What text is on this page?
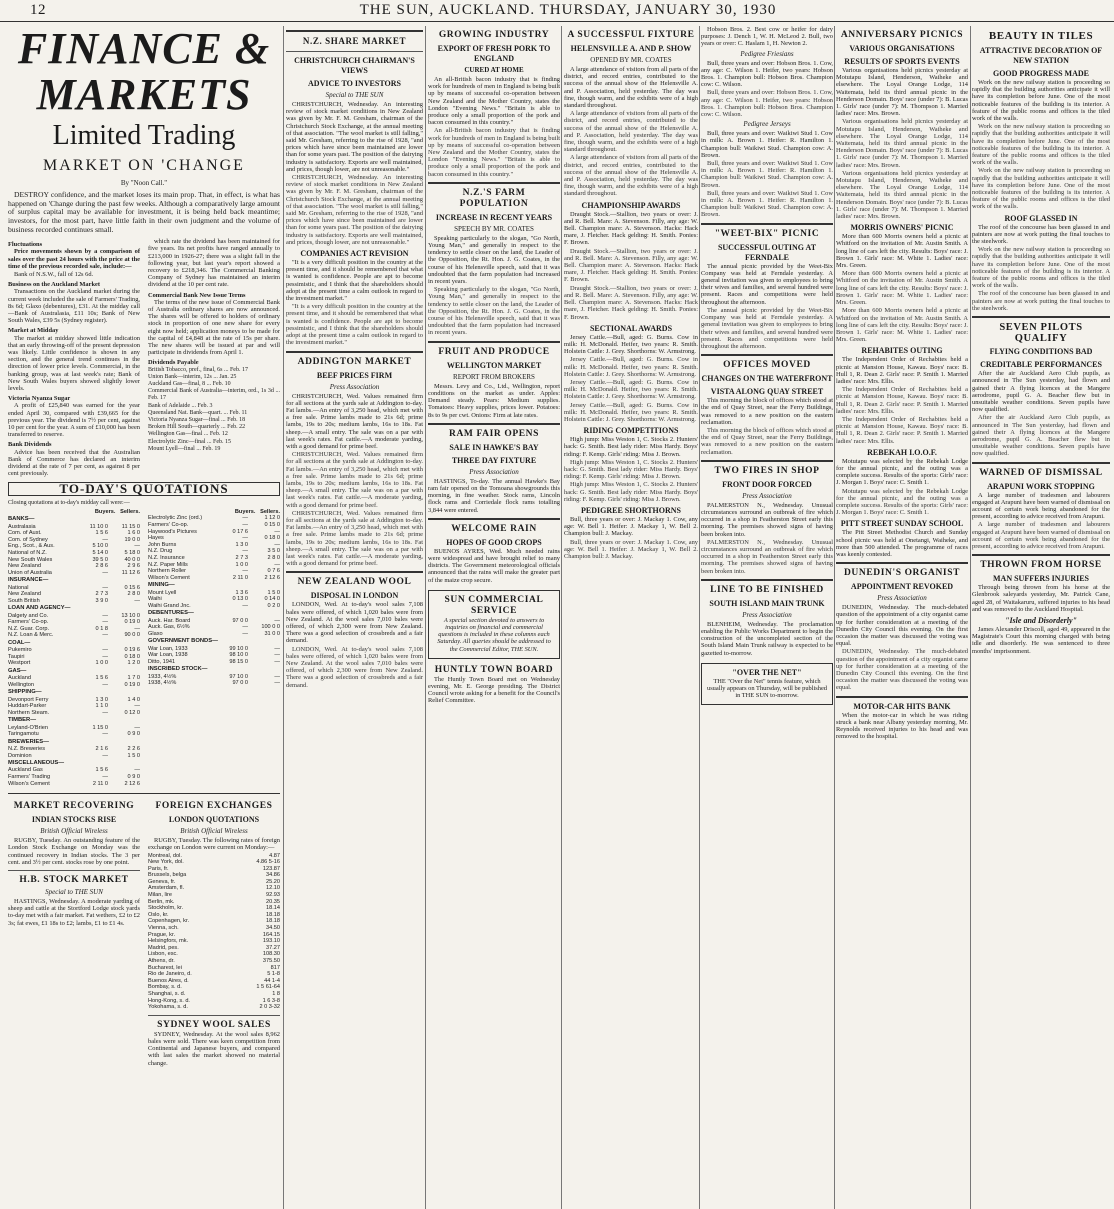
12	THE SUN, AUCKLAND. THURSDAY, JANUARY 30, 1930
FINANCE & MARKETS
Limited Trading
MARKET ON 'CHANGE
By "Noon Call."

DESTROY confidence, and the market loses its main prop. That, in effect, is what has happened on 'Change during the past few weeks. Although a comparatively large amount of surplus capital may be available for investment, it is being held back meantime; investors, for the most part, have little faith in their own judgment and the volume of business recorded continues small.

Fluctuations

Price movements shown by a comparison of sales over the past 24 hours with the price at the time of the previous recorded sale, include:—

Bank of N.S.W., fall of 12s 6d.

Business on the Auckland Market

Transactions on the Auckland market during the current week included the sale of Farmers' Trading, 8s 6d; Glaxo (debentures), £31. At the midday call—Bank of Australasia, £11 10s; Bank of New South Wales, £39 5s (Sydney register).

Market at Midday

The market at midday showed little indication that an early throwing-off of the present depression was likely. Little confidence is shown in any section, and the general trend continues in the direction of lower price levels. Commercial, in the banking group, was at last week's rate; Bank of New South Wales buyers showed slightly lower levels.

Victoria Nyanza Sugar

A profit of £25,840 was earned for the year ended April 30, compared with £39,665 for the previous year. The dividend is 7½ per cent, against 10 per cent for the year. A sum of £10,000 has been transferred to reserve.

Bank Dividends

Advice has been received that the Australian Bank of Commerce has declared an interim dividend at the rate of 7 per cent, as against 8 per cent previously.

which rate the dividend has been maintained for five years. Its net profits have ranged annually to £213,000 in 1926-27; there was a slight fall in the following year, but last year's report showed a recovery to £218,346. The Commercial Banking Company of Sydney has maintained an interim dividend at the 10 per cent rate.

Commercial Bank New Issue Terms

The terms of the new issue of Commercial Bank of Australia ordinary shares are now announced. The shares will be offered to holders of ordinary stock in proportion of one new share for every eight now held; application moneys to be made for the capital of £4,848 at the rate of 15s per share. The new shares will be issued at par and will participate in dividends from April 1.

Dividends Payable
British Tobacco, pref., final, 6s ... Feb. 17
Union Bank—interim, 12s ... Jan. 25
Auckland Gas—final, 8 ... Feb. 10
Commercial Bank of Australia—interim, ord., 1s 3d ... Feb. 17
Bank of Adelaide ... Feb. 3
Queensland Nat. Bank—quart. ... Feb. 11
Victoria Nyanza Sugar—final ... Feb. 18
Broken Hill South—quarterly ... Feb. 22
Wellington Gas—final ... Feb. 12
Electrolytic Zinc—final ... Feb. 15
Mount Lyell—final ... Feb. 19
TO-DAY'S QUOTATIONS
Closing quotations at to-day's midday call were:—
Buyers. Sellers.
BANKS—
Australasia	11 10 0 11 15 0
Com. of Aust.	1 5 6	1 6 0
Com. of Sydney	—	19 0 0
Eng., Scot., & Aus.	5 10 0	—
National of N.Z.	5 14 0	5 18 0
New South Wales	39 5 0	40 0 0
New Zealand	2 8 6	2 9 6
Union of Australia	— 11 12 6
INSURANCE—
National	—	0 15 6
New Zealand	2 7 3	2 8 0
South British	3 9 0	—
LOAN AND AGENCY—
Dalgety and Co.	— 13 10 0
Farmers' Co-op.	—	0 19 0
N.Z. Guar. Corp.	0 1 8	—
N.Z. Loan & Merc.	—	90 0 0
COAL—
Pukemiro	—	0 19 6
Taupiri	—	0 18 0
Westport	1 0 0	1 2 0
GAS—
Auckland	1 5 6	1 7 0
Wellington	—	0 19 0
SHIPPING—
Devonport Ferry	1 3 0	1 4 0
Huddart-Parker	1 1 0	—
Northern Steam.	—	0 12 0
TIMBER—
Leyland-O'Brien	1 15 0	—
Taringamotu	—	0 9 0
BREWERIES—
N.Z. Breweries	2 1 6	2 2 6
Dominion	—	1 5 0
MISCELLANEOUS—
Auckland Gas	1 5 6	—
Farmers' Trading	—	0 9 0
Wilson's Cement	2 11 0	2 12 6
Buyers. Sellers.
Electrolytic Zinc (ord.)	—	1 12 0
Farmers' Co-op.	—	0 15 0
Haywood's Pictures	0 17 6	—
Hayes	—	0 18 0
John Burns	1 3 0	—
N.Z. Drug	—	3 5 0
N.Z. Insurance	2 7 3	2 8 0
N.Z. Paper Mills	1 0 0	—
Northern Roller	—	0 7 6
Wilson's Cement	2 11 0	2 12 6
MINING—
Mount Lyell	1 3 6	1 5 0
Waihi	0 13 0	0 14 0
Waihi Grand Jnc.	—	0 2 0
DEBENTURES—
Auck. Har. Board	97 0 0	—
Auck. Gas, 6½%	— 100 0 0
Glaxo	—	31 0 0
GOVERNMENT BONDS—
War Loan, 1933	99 10 0	—
War Loan, 1938	98 10 0	—
Ditto, 1941	98 15 0	—
INSCRIBED STOCK—
1933, 4½%	97 10 0	—
1938, 4½%	97 0 0	—
MARKET RECOVERING
INDIAN STOCKS RISE
British Official Wireless

RUGBY, Tuesday. An outstanding feature of the London Stock Exchange on Monday was the continued recovery in Indian stocks. The 3 per cent. and 3½ per cent. stocks rose by one point.

H.B. STOCK MARKET
Special to THE SUN

HASTINGS, Wednesday. A moderate yarding of sheep and cattle at the Stortford Lodge stock yards to-day met with a fair market. Fat wethers, £2 to £2 3s; fat ewes, £1 18s to £2; lambs, £1 to £1 4s.

FOREIGN EXCHANGES
LONDON QUOTATIONS
British Official Wireless

RUGBY, Tuesday. The following rates of foreign exchange on London were current on Monday:—

Montreal, dol.	4.87
New York, dol.	4.86 5-16
Paris, fr.	123.87
Brussels, belga	34.86
Geneva, fr.	25.20
Amsterdam, fl.	12.10
Milan, lire	92.93
Berlin, mk.	20.35
Stockholm, kr.	18.14
Oslo, kr.	18.18
Copenhagen, kr.	18.18
Vienna, sch.	34.50
Prague, kr.	164.15
Helsingfors, mk.	193.10
Madrid, pes.	37.27
Lisbon, esc.	108.30
Athens, dr.	375.50
Bucharest, lei	817
Rio de Janeiro, d.	5 1-8
Buenos Aires, d.	44 1-4
Bombay, s. d.	1 5 61-64
Shanghai, s. d.	1 8
Hong-Kong, s. d.	1 6 3-8
Yokohama, s. d.	2 0 3-32
SYDNEY WOOL SALES

SYDNEY, Wednesday. At the wool sales 8,962 bales were sold. There was keen competition from Continental and Japanese buyers, and compared with last sales the market showed no material change.

N.Z. SHARE MARKET
CHRISTCHURCH CHAIRMAN'S VIEWS
ADVICE TO INVESTORS
Special to THE SUN

CHRISTCHURCH, Wednesday. An interesting review of stock market conditions in New Zealand was given by Mr. F. M. Gresham, chairman of the Christchurch Stock Exchange, at the annual meeting of that association. "The wool market is still falling," said Mr. Gresham, referring to the rise of 1928, "and prices which have since been maintained are lower than for some years past. The position of the dairying industry is satisfactory. Exports are well maintained, and prices, though lower, are not unreasonable."

CHRISTCHURCH, Wednesday. An interesting review of stock market conditions in New Zealand was given by Mr. F. M. Gresham, chairman of the Christchurch Stock Exchange, at the annual meeting of that association. "The wool market is still falling," said Mr. Gresham, referring to the rise of 1928, "and prices which have since been maintained are lower than for some years past. The position of the dairying industry is satisfactory. Exports are well maintained, and prices, though lower, are not unreasonable."

COMPANIES ACT REVISION

"It is a very difficult position in the country at the present time, and it should be remembered that what is wanted is confidence. People are apt to become pessimistic, and I think that the shareholders should adopt at the present time a calm outlook in regard to the investment market."

"It is a very difficult position in the country at the present time, and it should be remembered that what is wanted is confidence. People are apt to become pessimistic, and I think that the shareholders should adopt at the present time a calm outlook in regard to the investment market."

ADDINGTON MARKET
BEEF PRICES FIRM
Press Association

CHRISTCHURCH, Wed. Values remained firm for all sections at the yards sale at Addington to-day. Fat lambs.—An entry of 3,250 head, which met with a free sale. Prime lambs made to 21s 6d; prime lambs, 19s to 20s; medium lambs, 16s to 18s. Fat sheep.—A small entry. The sale was on a par with last week's rates. Fat cattle.—A moderate yarding, with a good demand for prime beef.

CHRISTCHURCH, Wed. Values remained firm for all sections at the yards sale at Addington to-day. Fat lambs.—An entry of 3,250 head, which met with a free sale. Prime lambs made to 21s 6d; prime lambs, 19s to 20s; medium lambs, 16s to 18s. Fat sheep.—A small entry. The sale was on a par with last week's rates. Fat cattle.—A moderate yarding, with a good demand for prime beef.

CHRISTCHURCH, Wed. Values remained firm for all sections at the yards sale at Addington to-day. Fat lambs.—An entry of 3,250 head, which met with a free sale. Prime lambs made to 21s 6d; prime lambs, 19s to 20s; medium lambs, 16s to 18s. Fat sheep.—A small entry. The sale was on a par with last week's rates. Fat cattle.—A moderate yarding, with a good demand for prime beef.

NEW ZEALAND WOOL
DISPOSAL IN LONDON

LONDON, Wed. At to-day's wool sales 7,108 bales were offered, of which 1,020 bales were from New Zealand. At the wool sales 7,010 bales were offered, of which 2,300 were from New Zealand. There was a good selection of crossbreds and a fair demand.

LONDON, Wed. At to-day's wool sales 7,108 bales were offered, of which 1,020 bales were from New Zealand. At the wool sales 7,010 bales were offered, of which 2,300 were from New Zealand. There was a good selection of crossbreds and a fair demand.

GROWING INDUSTRY
EXPORT OF FRESH PORK TO ENGLAND
CURED AT HOME

An all-British bacon industry that is finding work for hundreds of men in England is being built up by means of successful co-operation between New Zealand and the Mother Country, states the London "Evening News." "Britain is able to produce only a small proportion of the pork and bacon consumed in this country."

An all-British bacon industry that is finding work for hundreds of men in England is being built up by means of successful co-operation between New Zealand and the Mother Country, states the London "Evening News." "Britain is able to produce only a small proportion of the pork and bacon consumed in this country."

N.Z.'S FARM POPULATION
INCREASE IN RECENT YEARS
SPEECH BY MR. COATES

Speaking particularly to the slogan, "Go North, Young Man," and generally in respect to the tendency to settle closer on the land, the Leader of the Opposition, the Rt. Hon. J. G. Coates, in the course of his Helensville speech, said that it was undoubted that the farm population had increased in recent years.

Speaking particularly to the slogan, "Go North, Young Man," and generally in respect to the tendency to settle closer on the land, the Leader of the Opposition, the Rt. Hon. J. G. Coates, in the course of his Helensville speech, said that it was undoubted that the farm population had increased in recent years.

FRUIT AND PRODUCE
WELLINGTON MARKET
REPORT FROM BROKERS

Messrs. Levy and Co., Ltd., Wellington, report conditions on the market as under. Apples: Demand steady. Pears: Medium supplies. Tomatoes: Heavy supplies, prices lower. Potatoes: 8s to 9s per cwt. Onions: Firm at late rates.

RAM FAIR OPENS
SALE IN HAWKE'S BAY
THREE DAY FIXTURE
Press Association

HASTINGS, To-day. The annual Hawke's Bay ram fair opened on the Tomoana showgrounds this morning, in fine weather. Stock rams, Lincoln flock rams and Corriedale flock rams totalling 3,844 were entered.

WELCOME RAIN
HOPES OF GOOD CROPS

BUENOS AYRES, Wed. Much needed rains were widespread and have brought relief to many districts. The Government meteorological officials announced that the rains will make the greater part of the maize crop secure.

SUN COMMERCIAL SERVICE

A special section devoted to answers to inquiries on financial and commercial questions is included in these columns each Saturday. All queries should be addressed to the Commercial Editor, THE SUN.

HUNTLY TOWN BOARD

The Huntly Town Board met on Wednesday evening, Mr. E. George presiding. The District Council wrote asking for a benefit for the Council's Relief Committee.

A SUCCESSFUL FIXTURE
HELENSVILLE A. AND P. SHOW
OPENED BY MR. COATES

A large attendance of visitors from all parts of the district, and record entries, contributed to the success of the annual show of the Helensville A. and P. Association, held yesterday. The day was fine, though warm, and the exhibits were of a high standard throughout.

A large attendance of visitors from all parts of the district, and record entries, contributed to the success of the annual show of the Helensville A. and P. Association, held yesterday. The day was fine, though warm, and the exhibits were of a high standard throughout.

A large attendance of visitors from all parts of the district, and record entries, contributed to the success of the annual show of the Helensville A. and P. Association, held yesterday. The day was fine, though warm, and the exhibits were of a high standard throughout.

CHAMPIONSHIP AWARDS

Draught Stock.—Stallion, two years or over: J. and R. Bell. Mare: A. Stevenson. Filly, any age: W. Bell. Champion mare: A. Stevenson. Hacks: Hack mare, J. Fletcher. Hack gelding: H. Smith. Ponies: F. Brown.

Draught Stock.—Stallion, two years or over: J. and R. Bell. Mare: A. Stevenson. Filly, any age: W. Bell. Champion mare: A. Stevenson. Hacks: Hack mare, J. Fletcher. Hack gelding: H. Smith. Ponies: F. Brown.

Draught Stock.—Stallion, two years or over: J. and R. Bell. Mare: A. Stevenson. Filly, any age: W. Bell. Champion mare: A. Stevenson. Hacks: Hack mare, J. Fletcher. Hack gelding: H. Smith. Ponies: F. Brown.

SECTIONAL AWARDS

Jersey Cattle.—Bull, aged: G. Burns. Cow in milk: H. McDonald. Heifer, two years: R. Smith. Holstein Cattle: J. Grey. Shorthorns: W. Armstrong.

Jersey Cattle.—Bull, aged: G. Burns. Cow in milk: H. McDonald. Heifer, two years: R. Smith. Holstein Cattle: J. Grey. Shorthorns: W. Armstrong.

Jersey Cattle.—Bull, aged: G. Burns. Cow in milk: H. McDonald. Heifer, two years: R. Smith. Holstein Cattle: J. Grey. Shorthorns: W. Armstrong.

Jersey Cattle.—Bull, aged: G. Burns. Cow in milk: H. McDonald. Heifer, two years: R. Smith. Holstein Cattle: J. Grey. Shorthorns: W. Armstrong.

RIDING COMPETITIONS

High jump: Miss Weston 1, C. Stocks 2. Hunters' hack: G. Smith. Best lady rider: Miss Hardy. Boys' riding: F. Kemp. Girls' riding: Miss J. Brown.

High jump: Miss Weston 1, C. Stocks 2. Hunters' hack: G. Smith. Best lady rider: Miss Hardy. Boys' riding: F. Kemp. Girls' riding: Miss J. Brown.

High jump: Miss Weston 1, C. Stocks 2. Hunters' hack: G. Smith. Best lady rider: Miss Hardy. Boys' riding: F. Kemp. Girls' riding: Miss J. Brown.

PEDIGREE SHORTHORNS

Bull, three years or over: J. Mackay 1. Cow, any age: W. Bell 1. Heifer: J. Mackay 1, W. Bell 2. Champion bull: J. Mackay.

Bull, three years or over: J. Mackay 1. Cow, any age: W. Bell 1. Heifer: J. Mackay 1, W. Bell 2. Champion bull: J. Mackay.

Hobson Bros. 2. Best cow or heifer for dairy purposes: J. Dench 1, W. H. McLeod 2. Bull, two years or over: C. Haslam 1, H. Newton 2.

Pedigree Friesians

Bull, three years and over: Hobson Bros. 1. Cow, any age: C. Wilson 1. Heifer, two years: Hobson Bros. 1. Champion bull: Hobson Bros. Champion cow: C. Wilson.

Bull, three years and over: Hobson Bros. 1. Cow, any age: C. Wilson 1. Heifer, two years: Hobson Bros. 1. Champion bull: Hobson Bros. Champion cow: C. Wilson.

Pedigree Jerseys

Bull, three years and over: Waikiwi Stud 1. Cow in milk: A. Brown 1. Heifer: R. Hamilton 1. Champion bull: Waikiwi Stud. Champion cow: A. Brown.

Bull, three years and over: Waikiwi Stud 1. Cow in milk: A. Brown 1. Heifer: R. Hamilton 1. Champion bull: Waikiwi Stud. Champion cow: A. Brown.

Bull, three years and over: Waikiwi Stud 1. Cow in milk: A. Brown 1. Heifer: R. Hamilton 1. Champion bull: Waikiwi Stud. Champion cow: A. Brown.

"WEET-BIX" PICNIC
SUCCESSFUL OUTING AT FERNDALE

The annual picnic provided by the Weet-Bix Company was held at Ferndale yesterday. A general invitation was given to employees to bring their wives and families, and several hundred were present. Races and competitions were held throughout the afternoon.

The annual picnic provided by the Weet-Bix Company was held at Ferndale yesterday. A general invitation was given to employees to bring their wives and families, and several hundred were present. Races and competitions were held throughout the afternoon.

OFFICES MOVED
CHANGES ON THE WATERFRONT
VISTA ALONG QUAY STREET

This morning the block of offices which stood at the end of Quay Street, near the Ferry Buildings, was removed to a new position on the eastern reclamation.

This morning the block of offices which stood at the end of Quay Street, near the Ferry Buildings, was removed to a new position on the eastern reclamation.

TWO FIRES IN SHOP
FRONT DOOR FORCED
Press Association

PALMERSTON N., Wednesday. Unusual circumstances surround an outbreak of fire which occurred in a shop in Featherston Street early this morning. The premises showed signs of having been broken into.

PALMERSTON N., Wednesday. Unusual circumstances surround an outbreak of fire which occurred in a shop in Featherston Street early this morning. The premises showed signs of having been broken into.

LINE TO BE FINISHED
SOUTH ISLAND MAIN TRUNK
Press Association

BLENHEIM, Wednesday. The proclamation enabling the Public Works Department to begin the construction of the uncompleted section of the South Island Main Trunk railway is expected to be gazetted to-morrow.

"OVER THE NET"

THE "Over the Net" tennis feature, which usually appears on Thursday, will be published in THE SUN to-morrow.

ANNIVERSARY PICNICS
VARIOUS ORGANISATIONS
RESULTS OF SPORTS EVENTS

Various organisations held picnics yesterday at Motutapu Island, Henderson, Waiheke and elsewhere. The Loyal Orange Lodge, 114 Waitemata, held its third annual picnic in the Henderson Domain. Boys' race (under 7): B. Lucas 1. Girls' race (under 7): M. Thompson 1. Married ladies' race: Mrs. Brown.

Various organisations held picnics yesterday at Motutapu Island, Henderson, Waiheke and elsewhere. The Loyal Orange Lodge, 114 Waitemata, held its third annual picnic in the Henderson Domain. Boys' race (under 7): B. Lucas 1. Girls' race (under 7): M. Thompson 1. Married ladies' race: Mrs. Brown.

Various organisations held picnics yesterday at Motutapu Island, Henderson, Waiheke and elsewhere. The Loyal Orange Lodge, 114 Waitemata, held its third annual picnic in the Henderson Domain. Boys' race (under 7): B. Lucas 1. Girls' race (under 7): M. Thompson 1. Married ladies' race: Mrs. Brown.

MORRIS OWNERS' PICNIC

More than 600 Morris owners held a picnic at Whitford on the invitation of Mr. Austin Smith. A long line of cars left the city. Results: Boys' race: J. Brown 1. Girls' race: M. White 1. Ladies' race: Mrs. Green.

More than 600 Morris owners held a picnic at Whitford on the invitation of Mr. Austin Smith. A long line of cars left the city. Results: Boys' race: J. Brown 1. Girls' race: M. White 1. Ladies' race: Mrs. Green.

More than 600 Morris owners held a picnic at Whitford on the invitation of Mr. Austin Smith. A long line of cars left the city. Results: Boys' race: J. Brown 1. Girls' race: M. White 1. Ladies' race: Mrs. Green.

REHABITES OUTING

The Independent Order of Rechabites held a picnic at Mansion House, Kawau. Boys' race: B. Hull 1, R. Dean 2. Girls' race: P. Smith 1. Married ladies' race: Mrs. Ellis.

The Independent Order of Rechabites held a picnic at Mansion House, Kawau. Boys' race: B. Hull 1, R. Dean 2. Girls' race: P. Smith 1. Married ladies' race: Mrs. Ellis.

The Independent Order of Rechabites held a picnic at Mansion House, Kawau. Boys' race: B. Hull 1, R. Dean 2. Girls' race: P. Smith 1. Married ladies' race: Mrs. Ellis.

REBEKAH I.O.O.F.

Motutapu was selected by the Rebekah Lodge for the annual picnic, and the outing was a complete success. Results of the sports: Girls' race: J. Morgan 1. Boys' race: C. Smith 1.

Motutapu was selected by the Rebekah Lodge for the annual picnic, and the outing was a complete success. Results of the sports: Girls' race: J. Morgan 1. Boys' race: C. Smith 1.

PITT STREET SUNDAY SCHOOL

The Pitt Street Methodist Church and Sunday school picnic was held at Onetangi, Waiheke, and more than 500 attended. The programme of races was keenly contested.

DUNEDIN'S ORGANIST
APPOINTMENT REVOKED
Press Association

DUNEDIN, Wednesday. The much-debated question of the appointment of a city organist came up for further consideration at a meeting of the Dunedin City Council this evening. On the first occasion the matter was discussed the voting was equal.

DUNEDIN, Wednesday. The much-debated question of the appointment of a city organist came up for further consideration at a meeting of the Dunedin City Council this evening. On the first occasion the matter was discussed the voting was equal.

MOTOR-CAR HITS BANK

When the motor-car in which he was riding struck a bank near Albany yesterday morning, Mr. Reynolds received injuries to his head and was removed to the hospital.

BEAUTY IN TILES
ATTRACTIVE DECORATION OF NEW STATION
GOOD PROGRESS MADE

Work on the new railway station is proceeding so rapidly that the building authorities anticipate it will have its completion before June. One of the most noticeable features of the building is its interior. A feature of the public rooms and offices is the tiled work of the walls.

Work on the new railway station is proceeding so rapidly that the building authorities anticipate it will have its completion before June. One of the most noticeable features of the building is its interior. A feature of the public rooms and offices is the tiled work of the walls.

Work on the new railway station is proceeding so rapidly that the building authorities anticipate it will have its completion before June. One of the most noticeable features of the building is its interior. A feature of the public rooms and offices is the tiled work of the walls.

ROOF GLASSED IN

The roof of the concourse has been glassed in and painters are now at work putting the final touches to the steelwork.

Work on the new railway station is proceeding so rapidly that the building authorities anticipate it will have its completion before June. One of the most noticeable features of the building is its interior. A feature of the public rooms and offices is the tiled work of the walls.

The roof of the concourse has been glassed in and painters are now at work putting the final touches to the steelwork.

SEVEN PILOTS QUALIFY
FLYING CONDITIONS BAD
CREDITABLE PERFORMANCES

After the air Auckland Aero Club pupils, as announced in The Sun yesterday, had flown and gained their A flying licences at the Mangere aerodrome, pupil G. A. Beacher flew but in unsuitable weather conditions. Seven pupils have now qualified.

After the air Auckland Aero Club pupils, as announced in The Sun yesterday, had flown and gained their A flying licences at the Mangere aerodrome, pupil G. A. Beacher flew but in unsuitable weather conditions. Seven pupils have now qualified.

WARNED OF DISMISSAL
ARAPUNI WORK STOPPING

A large number of tradesmen and labourers engaged at Arapuni have been warned of dismissal on account of certain work being abandoned for the present, according to advice received from Arapuni.

A large number of tradesmen and labourers engaged at Arapuni have been warned of dismissal on account of certain work being abandoned for the present, according to advice received from Arapuni.

THROWN FROM HORSE
MAN SUFFERS INJURIES

Through being thrown from his horse at the Glenbrook saleyards yesterday, Mr. Patrick Cane, aged 28, of Waitakaruru, suffered injuries to his head and was removed to the Auckland Hospital.

"Isle and Disorderly"

James Alexander Driscoll, aged 49, appeared in the Magistrate's Court this morning charged with being idle and disorderly. He was sentenced to three months' imprisonment.
